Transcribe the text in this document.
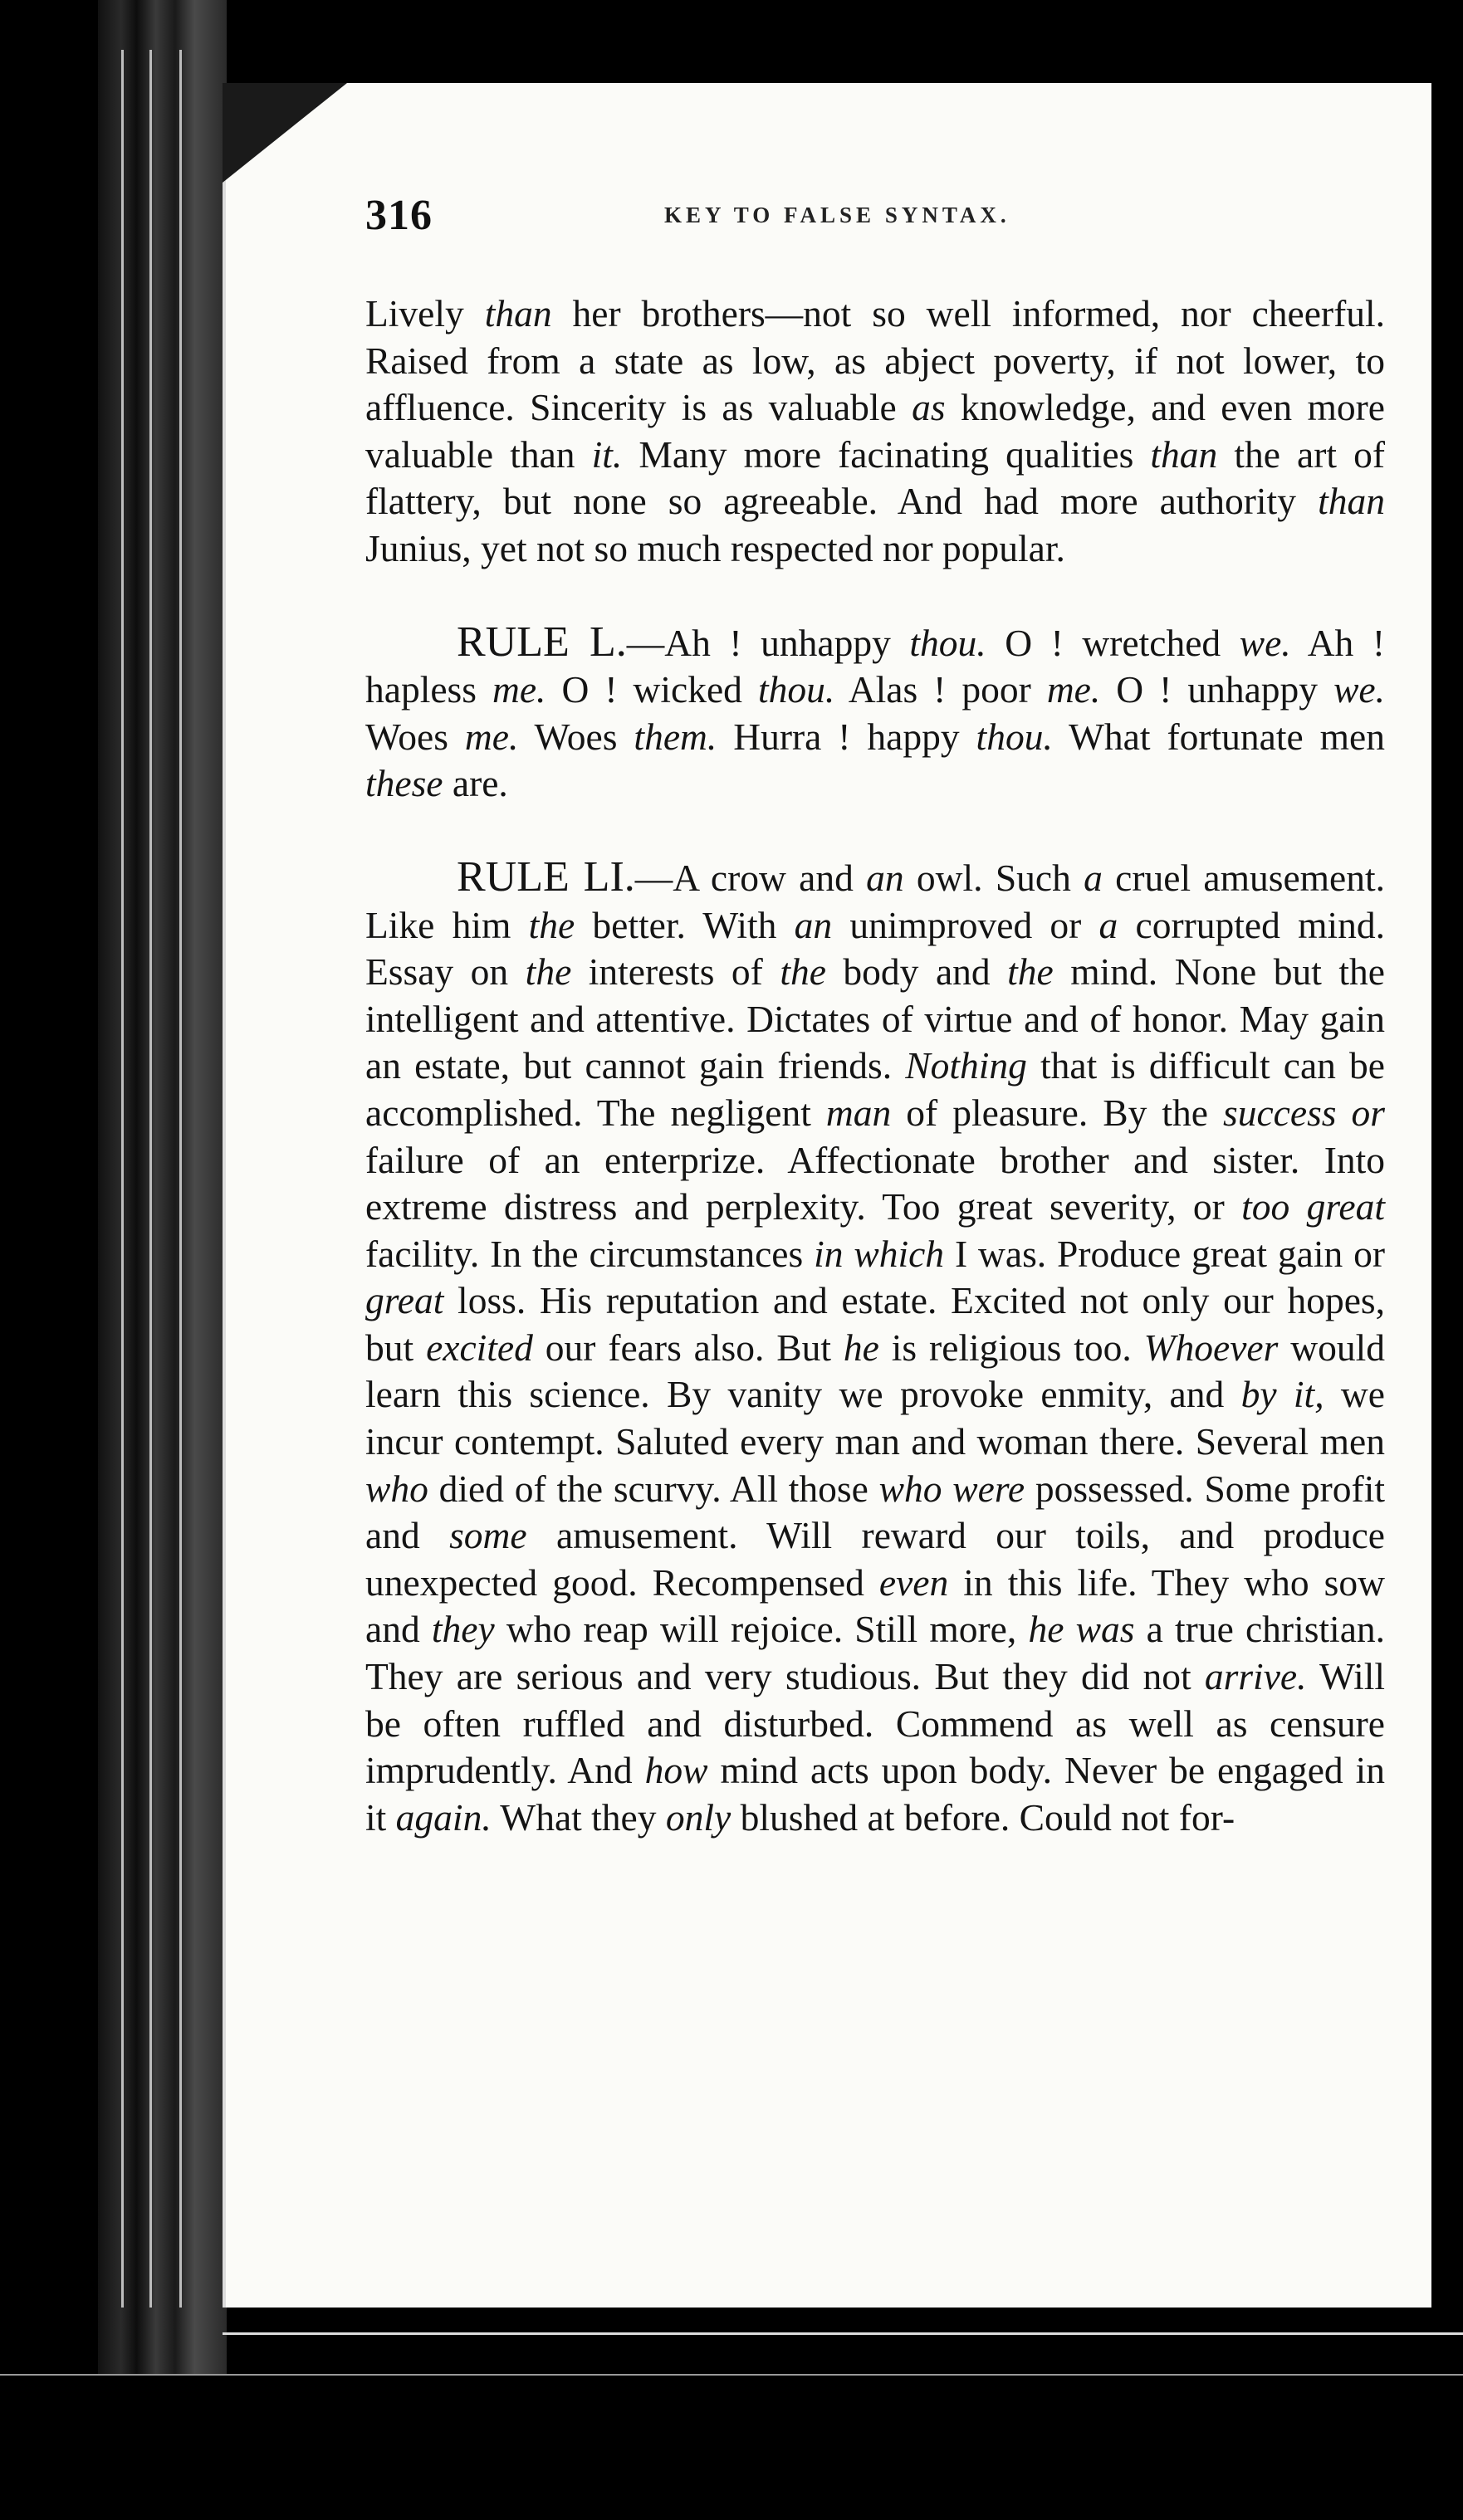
316	KEY TO FALSE SYNTAX.

Lively than her brothers—not so well informed, nor cheerful. Raised from a state as low, as abject poverty, if not lower, to affluence. Sincerity is as valuable as knowledge, and even more valuable than it. Many more facinating qualities than the art of flattery, but none so agreeable. And had more authority than Junius, yet not so much respected nor popular.

RULE L.—Ah ! unhappy thou. O ! wretched we. Ah ! hapless me. O ! wicked thou. Alas ! poor me. O ! unhappy we. Woes me. Woes them. Hurra ! happy thou. What fortunate men these are.

RULE LI.—A crow and an owl. Such a cruel amusement. Like him the better. With an unimproved or a corrupted mind. Essay on the interests of the body and the mind. None but the intelligent and attentive. Dictates of virtue and of honor. May gain an estate, but cannot gain friends. Nothing that is difficult can be accomplished. The negligent man of pleasure. By the success or failure of an enterprize. Affectionate brother and sister. Into extreme distress and perplexity. Too great severity, or too great facility. In the circumstances in which I was. Produce great gain or great loss. His reputation and estate. Excited not only our hopes, but excited our fears also. But he is religious too. Whoever would learn this science. By vanity we provoke enmity, and by it, we incur contempt. Saluted every man and woman there. Several men who died of the scurvy. All those who were possessed. Some profit and some amusement. Will reward our toils, and produce unexpected good. Recompensed even in this life. They who sow and they who reap will rejoice. Still more, he was a true christian. They are serious and very studious. But they did not arrive. Will be often ruffled and disturbed. Commend as well as censure imprudently. And how mind acts upon body. Never be engaged in it again. What they only blushed at before. Could not for-
